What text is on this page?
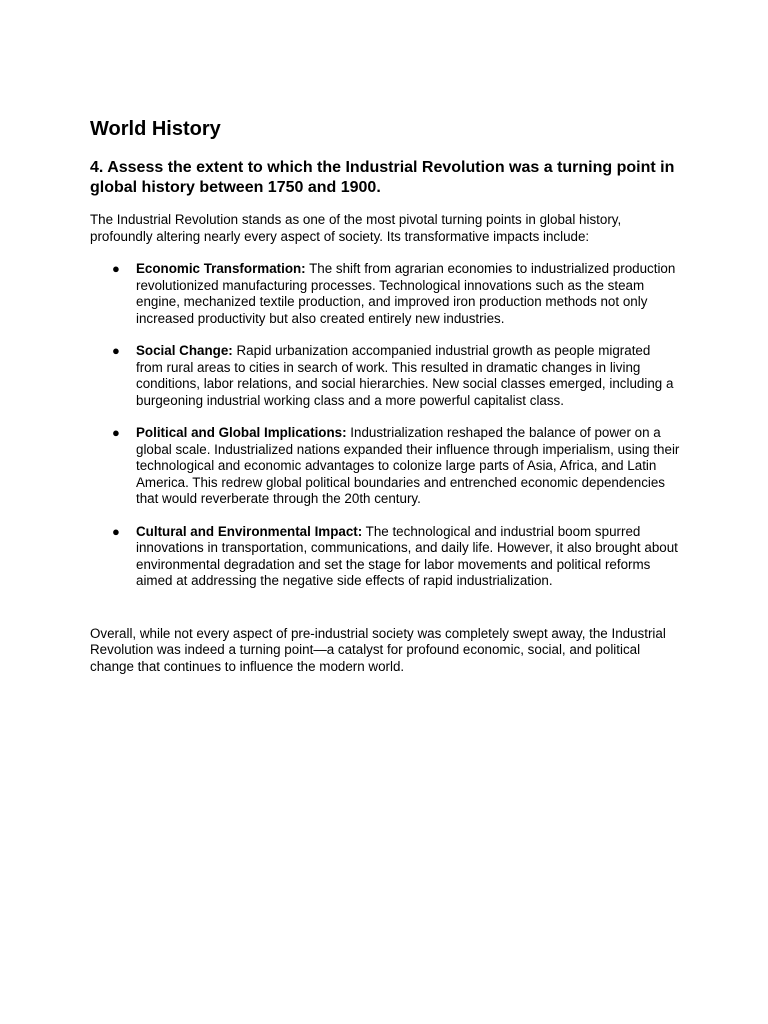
World History
4. Assess the extent to which the Industrial Revolution was a turning point in global history between 1750 and 1900.

The Industrial Revolution stands as one of the most pivotal turning points in global history, profoundly altering nearly every aspect of society. Its transformative impacts include:

● Economic Transformation: The shift from agrarian economies to industrialized production revolutionized manufacturing processes. Technological innovations such as the steam engine, mechanized textile production, and improved iron production methods not only increased productivity but also created entirely new industries.
● Social Change: Rapid urbanization accompanied industrial growth as people migrated from rural areas to cities in search of work. This resulted in dramatic changes in living conditions, labor relations, and social hierarchies. New social classes emerged, including a burgeoning industrial working class and a more powerful capitalist class.
● Political and Global Implications: Industrialization reshaped the balance of power on a global scale. Industrialized nations expanded their influence through imperialism, using their technological and economic advantages to colonize large parts of Asia, Africa, and Latin America. This redrew global political boundaries and entrenched economic dependencies that would reverberate through the 20th century.
● Cultural and Environmental Impact: The technological and industrial boom spurred innovations in transportation, communications, and daily life. However, it also brought about environmental degradation and set the stage for labor movements and political reforms aimed at addressing the negative side effects of rapid industrialization.

Overall, while not every aspect of pre-industrial society was completely swept away, the Industrial Revolution was indeed a turning point—a catalyst for profound economic, social, and political change that continues to influence the modern world.
